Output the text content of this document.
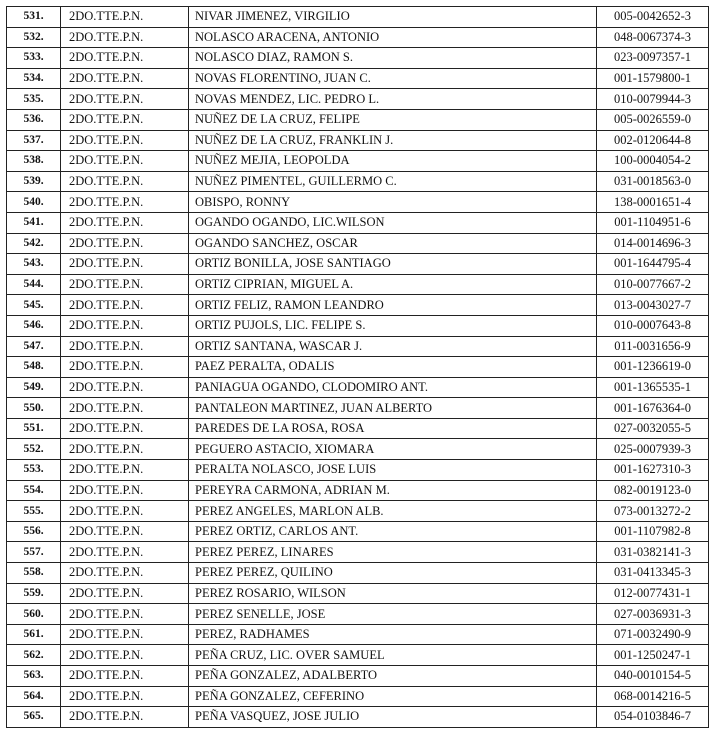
531.	2DO.TTE.P.N.	NIVAR JIMENEZ, VIRGILIO	005-0042652-3
532.	2DO.TTE.P.N.	NOLASCO ARACENA, ANTONIO	048-0067374-3
533.	2DO.TTE.P.N.	NOLASCO DIAZ, RAMON S.	023-0097357-1
534.	2DO.TTE.P.N.	NOVAS FLORENTINO, JUAN C.	001-1579800-1
535.	2DO.TTE.P.N.	NOVAS MENDEZ, LIC. PEDRO L.	010-0079944-3
536.	2DO.TTE.P.N.	NUÑEZ DE LA CRUZ, FELIPE	005-0026559-0
537.	2DO.TTE.P.N.	NUÑEZ DE LA CRUZ, FRANKLIN J.	002-0120644-8
538.	2DO.TTE.P.N.	NUÑEZ MEJIA, LEOPOLDA	100-0004054-2
539.	2DO.TTE.P.N.	NUÑEZ PIMENTEL, GUILLERMO C.	031-0018563-0
540.	2DO.TTE.P.N.	OBISPO, RONNY	138-0001651-4
541.	2DO.TTE.P.N.	OGANDO OGANDO, LIC.WILSON	001-1104951-6
542.	2DO.TTE.P.N.	OGANDO SANCHEZ, OSCAR	014-0014696-3
543.	2DO.TTE.P.N.	ORTIZ BONILLA, JOSE SANTIAGO	001-1644795-4
544.	2DO.TTE.P.N.	ORTIZ CIPRIAN, MIGUEL A.	010-0077667-2
545.	2DO.TTE.P.N.	ORTIZ FELIZ, RAMON LEANDRO	013-0043027-7
546.	2DO.TTE.P.N.	ORTIZ PUJOLS, LIC. FELIPE S.	010-0007643-8
547.	2DO.TTE.P.N.	ORTIZ SANTANA, WASCAR J.	011-0031656-9
548.	2DO.TTE.P.N.	PAEZ PERALTA, ODALIS	001-1236619-0
549.	2DO.TTE.P.N.	PANIAGUA OGANDO, CLODOMIRO ANT.	001-1365535-1
550.	2DO.TTE.P.N.	PANTALEON MARTINEZ, JUAN ALBERTO	001-1676364-0
551.	2DO.TTE.P.N.	PAREDES DE LA ROSA, ROSA	027-0032055-5
552.	2DO.TTE.P.N.	PEGUERO ASTACIO, XIOMARA	025-0007939-3
553.	2DO.TTE.P.N.	PERALTA NOLASCO, JOSE LUIS	001-1627310-3
554.	2DO.TTE.P.N.	PEREYRA CARMONA, ADRIAN M.	082-0019123-0
555.	2DO.TTE.P.N.	PEREZ ANGELES, MARLON ALB.	073-0013272-2
556.	2DO.TTE.P.N.	PEREZ ORTIZ, CARLOS ANT.	001-1107982-8
557.	2DO.TTE.P.N.	PEREZ PEREZ, LINARES	031-0382141-3
558.	2DO.TTE.P.N.	PEREZ PEREZ, QUILINO	031-0413345-3
559.	2DO.TTE.P.N.	PEREZ ROSARIO, WILSON	012-0077431-1
560.	2DO.TTE.P.N.	PEREZ SENELLE, JOSE	027-0036931-3
561.	2DO.TTE.P.N.	PEREZ, RADHAMES	071-0032490-9
562.	2DO.TTE.P.N.	PEÑA CRUZ, LIC. OVER SAMUEL	001-1250247-1
563.	2DO.TTE.P.N.	PEÑA GONZALEZ, ADALBERTO	040-0010154-5
564.	2DO.TTE.P.N.	PEÑA GONZALEZ, CEFERINO	068-0014216-5
565.	2DO.TTE.P.N.	PEÑA VASQUEZ, JOSE JULIO	054-0103846-7
